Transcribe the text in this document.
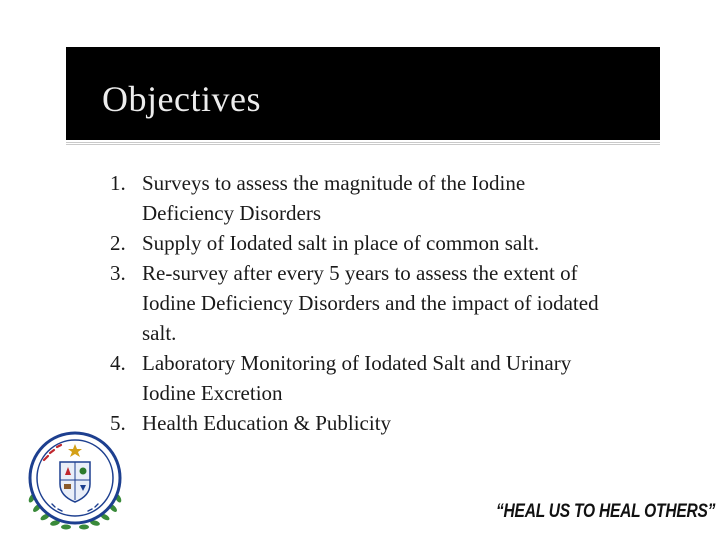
Objectives
1. Surveys to assess the magnitude of the Iodine Deficiency Disorders
2. Supply of Iodated salt in place of common salt.
3. Re-survey after every 5 years to assess the extent of Iodine Deficiency Disorders and the impact of iodated salt.
4. Laboratory Monitoring of Iodated Salt and Urinary Iodine Excretion
5. Health Education & Publicity

“HEAL US TO HEAL OTHERS”
